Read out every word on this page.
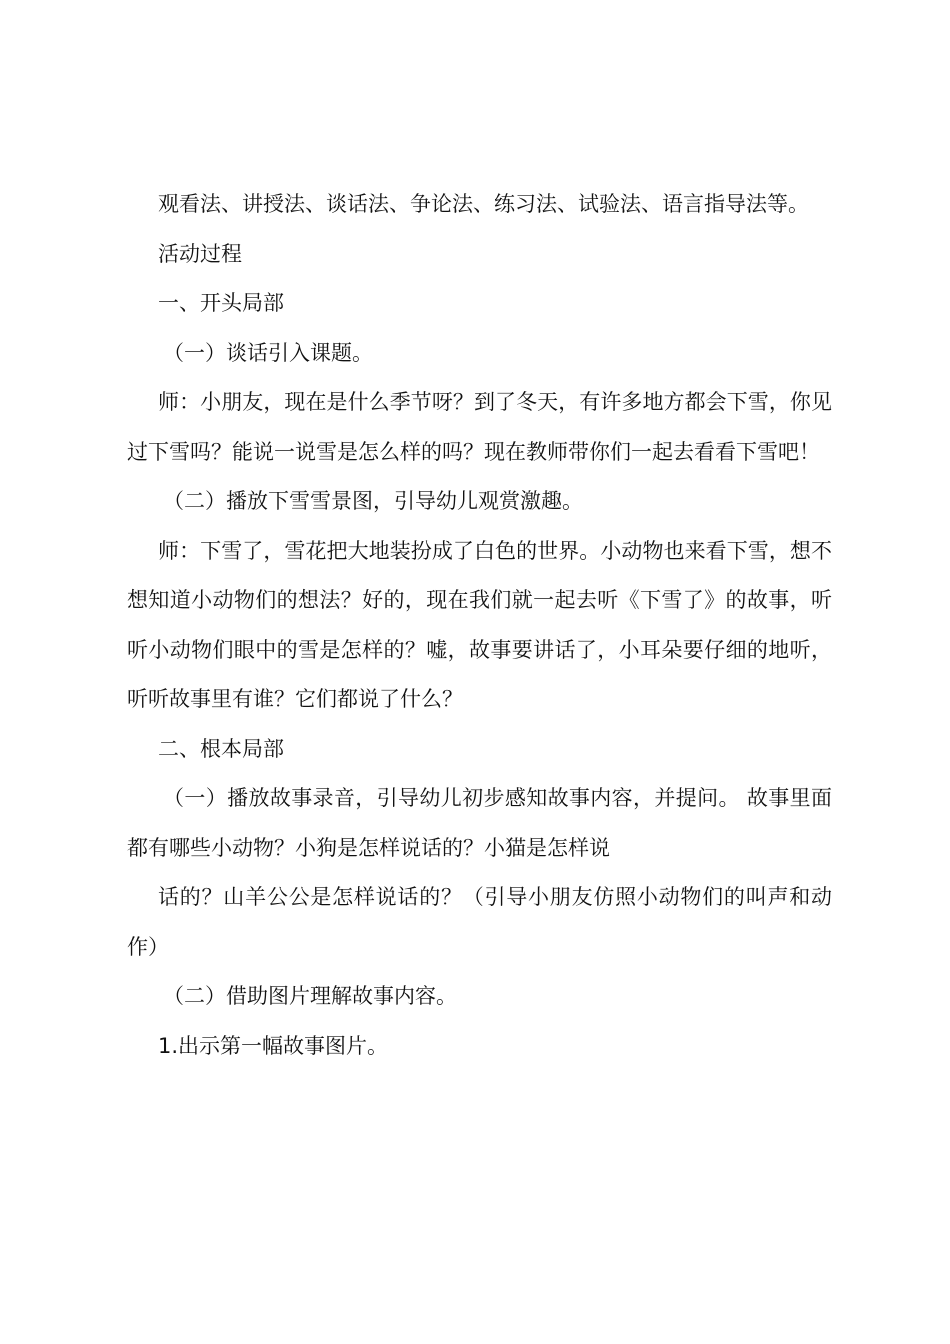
观看法、讲授法、谈话法、争论法、练习法、试验法、语言指导法等。

活动过程

一、开头局部

（一）谈话引入课题。

师：小朋友，现在是什么季节呀？到了冬天，有许多地方都会下雪，你见过下雪吗？能说一说雪是怎么样的吗？现在教师带你们一起去看看下雪吧！

（二）播放下雪雪景图，引导幼儿观赏激趣。

师：下雪了，雪花把大地装扮成了白色的世界。小动物也来看下雪，想不想知道小动物们的想法？好的，现在我们就一起去听《下雪了》的故事，听听小动物们眼中的雪是怎样的？嘘，故事要讲话了，小耳朵要仔细的地听，听听故事里有谁？它们都说了什么？

二、根本局部

（一）播放故事录音，引导幼儿初步感知故事内容，并提问。 故事里面都有哪些小动物？小狗是怎样说话的？小猫是怎样说

话的？山羊公公是怎样说话的？（引导小朋友仿照小动物们的叫声和动作）

（二）借助图片理解故事内容。

1.出示第一幅故事图片。
